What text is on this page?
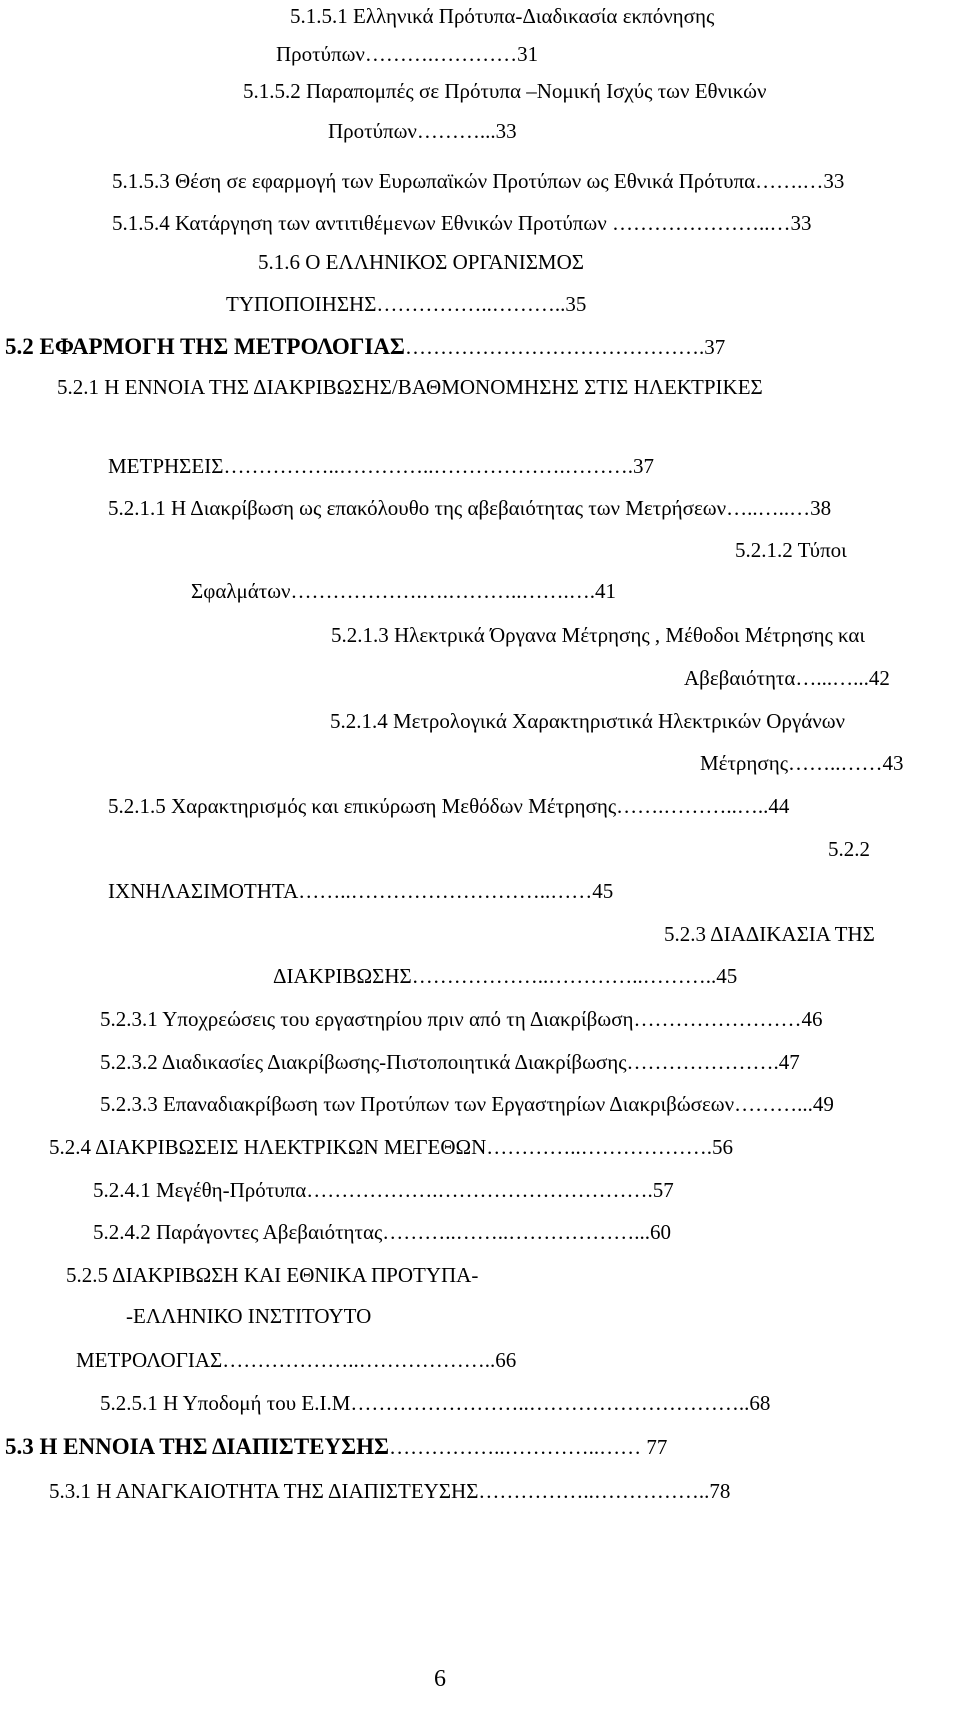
5.1.5.1 Ελληνικά Πρότυπα-Διαδικασία εκπόνησης
Προτύπων……….…………31
5.1.5.2 Παραπομπές σε Πρότυπα –Νομική Ισχύς των Εθνικών
Προτύπων………...33
5.1.5.3 Θέση σε εφαρμογή των Ευρωπαϊκών Προτύπων ως Εθνικά Πρότυπα…….…33
5.1.5.4 Κατάργηση των αντιτιθέμενων Εθνικών Προτύπων …………………..…33
5.1.6 Ο ΕΛΛΗΝΙΚΟΣ ΟΡΓΑΝΙΣΜΟΣ
ΤΥΠΟΠΟΙΗΣΗΣ……………..………..35
5.2 ΕΦΑΡΜΟΓΗ ΤΗΣ ΜΕΤΡΟΛΟΓΙΑΣ…………………………………….37
5.2.1 Η ΕΝΝΟΙΑ ΤΗΣ ΔΙΑΚΡΙΒΩΣΗΣ/ΒΑΘΜΟΝΟΜΗΣΗΣ ΣΤΙΣ ΗΛΕΚΤΡΙΚΕΣ
ΜΕΤΡΗΣΕΙΣ……………..…………..……………….……….37
5.2.1.1 Η Διακρίβωση ως επακόλουθο της αβεβαιότητας των Μετρήσεων…..…..…38
5.2.1.2 Τύποι
Σφαλμάτων……………….….………..…….….41
5.2.1.3 Ηλεκτρικά Όργανα Μέτρησης , Μέθοδοι Μέτρησης και
Αβεβαιότητα…...…...42
5.2.1.4 Μετρολογικά Χαρακτηριστικά Ηλεκτρικών Οργάνων
Μέτρησης……..……43
5.2.1.5 Χαρακτηρισμός και επικύρωση Μεθόδων Μέτρησης…….………..…..44
5.2.2
ΙΧΝΗΛΑΣΙΜΟΤΗΤΑ……..………………………..……45
5.2.3 ΔΙΑΔΙΚΑΣΙΑ ΤΗΣ
ΔΙΑΚΡΙΒΩΣΗΣ………………..…………..………..45
5.2.3.1 Υποχρεώσεις του εργαστηρίου πριν από τη Διακρίβωση……………………46
5.2.3.2 Διαδικασίες Διακρίβωσης-Πιστοποιητικά Διακρίβωσης………………….47
5.2.3.3 Επαναδιακρίβωση των Προτύπων των Εργαστηρίων Διακριβώσεων………...49
5.2.4 ΔΙΑΚΡΙΒΩΣΕΙΣ ΗΛΕΚΤΡΙΚΩΝ ΜΕΓΕΘΩΝ…………..……………….56
5.2.4.1 Μεγέθη-Πρότυπα……………….………………………….57
5.2.4.2 Παράγοντες Αβεβαιότητας………..……..………………...60
5.2.5 ΔΙΑΚΡΙΒΩΣΗ ΚΑΙ ΕΘΝΙΚΑ ΠΡΟΤΥΠΑ-
-ΕΛΛΗΝΙΚΟ ΙΝΣΤΙΤΟΥΤΟ
ΜΕΤΡΟΛΟΓΙΑΣ………………..………………..66
5.2.5.1 Η Υποδομή του Ε.Ι.Μ……………………..…………………………..68
5.3 Η ΕΝΝΟΙΑ ΤΗΣ ΔΙΑΠΙΣΤΕΥΣΗΣ……………..…………..…… 77
5.3.1 Η ΑΝΑΓΚΑΙΟΤΗΤΑ ΤΗΣ ΔΙΑΠΙΣΤΕΥΣΗΣ……………..……………..78
6
